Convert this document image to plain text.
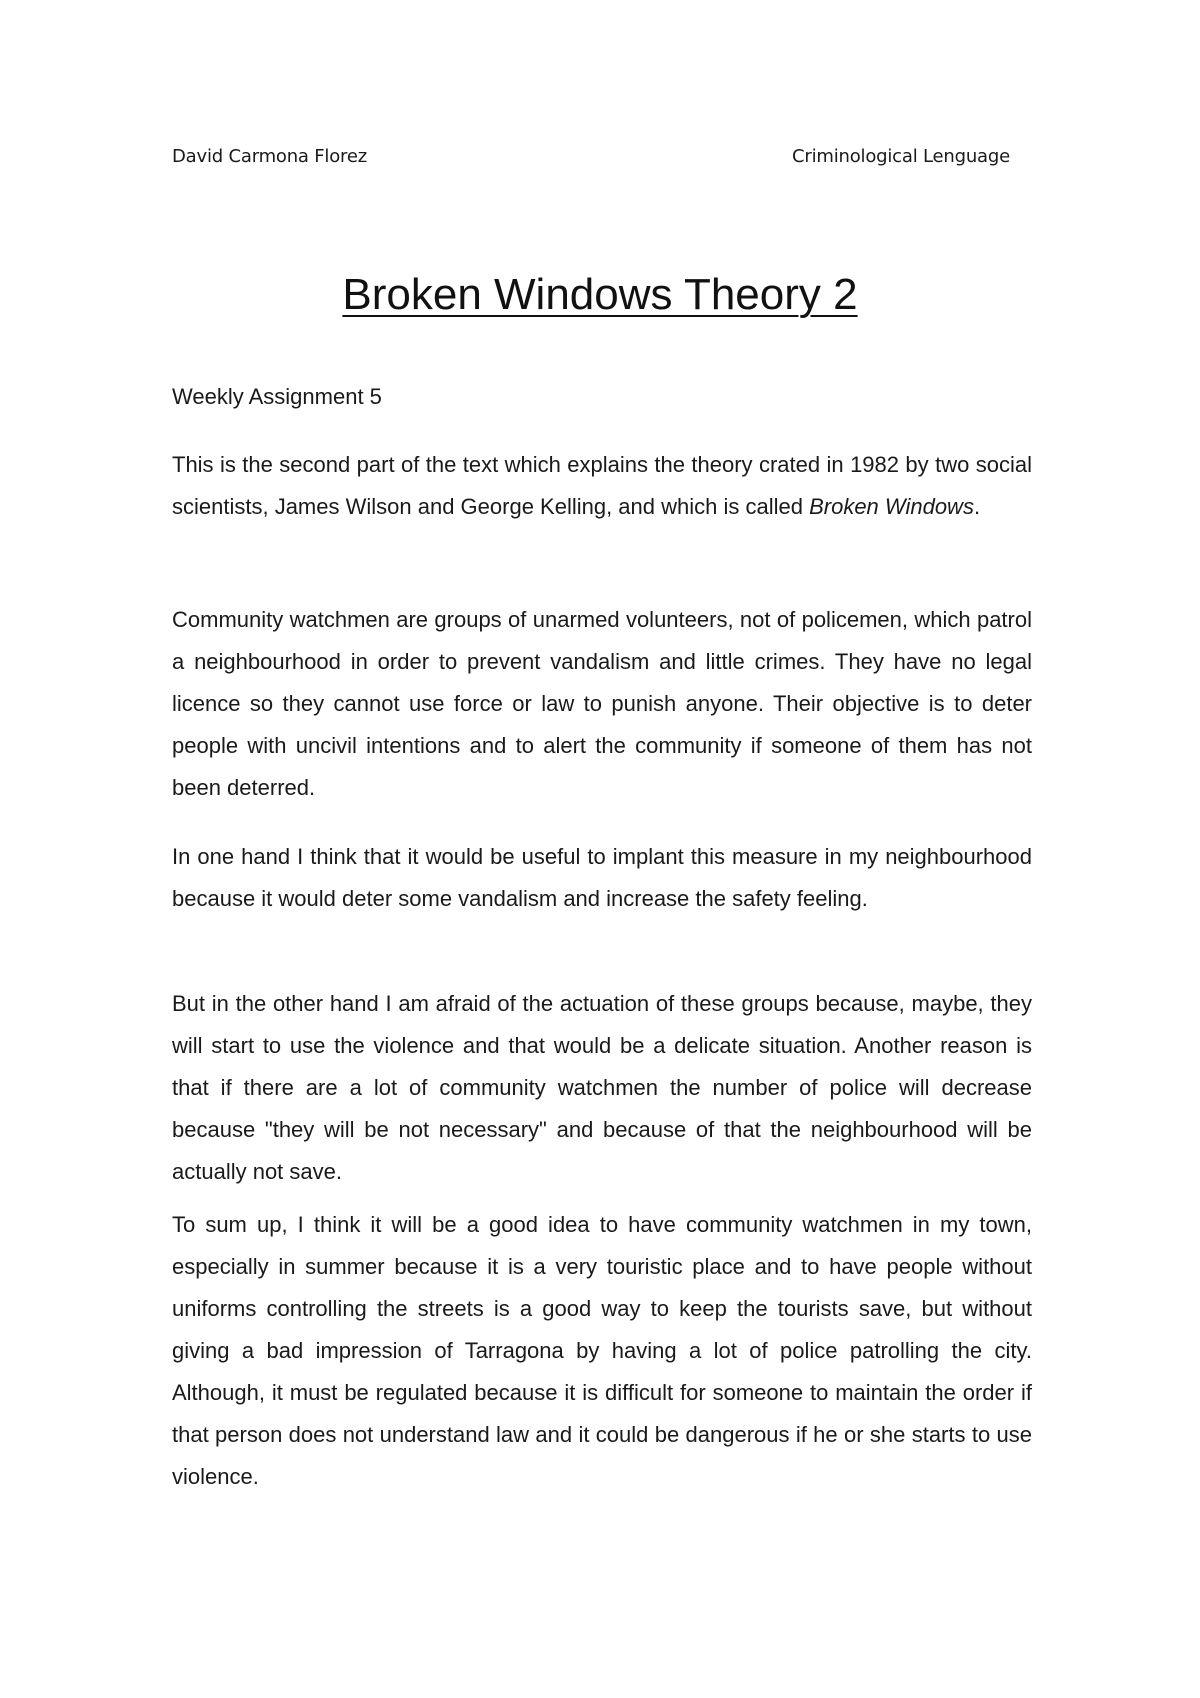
David Carmona Florez	Criminological Lenguage
Broken Windows Theory 2

Weekly Assignment 5

This is the second part of the text which explains the theory crated in 1982 by two social scientists, James Wilson and George Kelling, and which is called Broken Windows.

Community watchmen are groups of unarmed volunteers, not of policemen, which patrol a neighbourhood in order to prevent vandalism and little crimes. They have no legal licence so they cannot use force or law to punish anyone. Their objective is to deter people with uncivil intentions and to alert the community if someone of them has not been deterred.

In one hand I think that it would be useful to implant this measure in my neighbourhood because it would deter some vandalism and increase the safety feeling.

But in the other hand I am afraid of the actuation of these groups because, maybe, they will start to use the violence and that would be a delicate situation. Another reason is that if there are a lot of community watchmen the number of police will decrease because "they will be not necessary" and because of that the neighbourhood will be actually not save.

To sum up, I think it will be a good idea to have community watchmen in my town, especially in summer because it is a very touristic place and to have people without uniforms controlling the streets is a good way to keep the tourists save, but without giving a bad impression of Tarragona by having a lot of police patrolling the city. Although, it must be regulated because it is difficult for someone to maintain the order if that person does not understand law and it could be dangerous if he or she starts to use violence.
